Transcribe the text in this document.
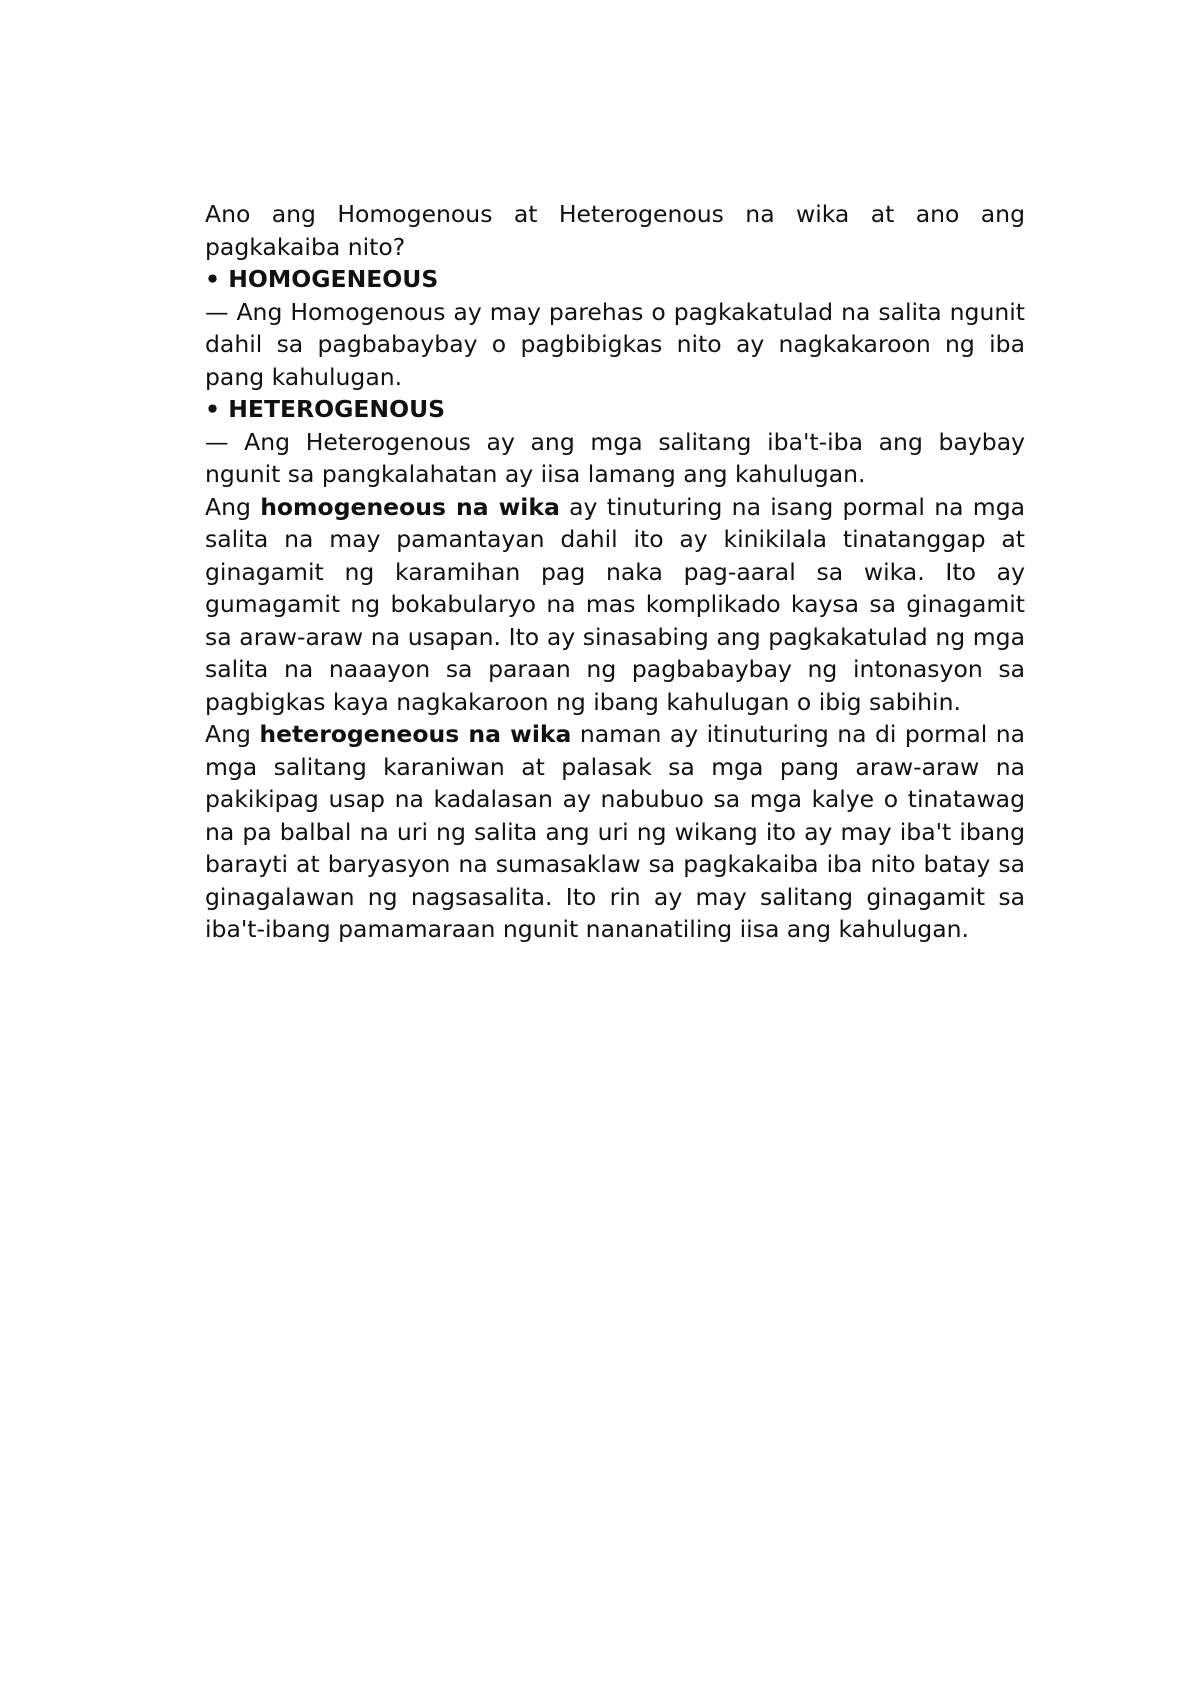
Ano ang Homogenous at Heterogenous na wika at ano ang pagkakaiba nito?

• HOMOGENEOUS

— Ang Homogenous ay may parehas o pagkakatulad na salita ngunit dahil sa pagbabaybay o pagbibigkas nito ay nagkakaroon ng iba pang kahulugan.

• HETEROGENOUS

— Ang Heterogenous ay ang mga salitang iba't-iba ang baybay ngunit sa pangkalahatan ay iisa lamang ang kahulugan.

Ang homogeneous na wika ay tinuturing na isang pormal na mga salita na may pamantayan dahil ito ay kinikilala tinatanggap at ginagamit ng karamihan pag naka pag-aaral sa wika. Ito ay gumagamit ng bokabularyo na mas komplikado kaysa sa ginagamit sa araw-araw na usapan. Ito ay sinasabing ang pagkakatulad ng mga salita na naaayon sa paraan ng pagbabaybay ng intonasyon sa pagbigkas kaya nagkakaroon ng ibang kahulugan o ibig sabihin.

Ang heterogeneous na wika naman ay itinuturing na di pormal na mga salitang karaniwan at palasak sa mga pang araw-araw na pakikipag usap na kadalasan ay nabubuo sa mga kalye o tinatawag na pa balbal na uri ng salita ang uri ng wikang ito ay may iba't ibang barayti at baryasyon na sumasaklaw sa pagkakaiba iba nito batay sa ginagalawan ng nagsasalita. Ito rin ay may salitang ginagamit sa iba't-ibang pamamaraan ngunit nananatiling iisa ang kahulugan.
